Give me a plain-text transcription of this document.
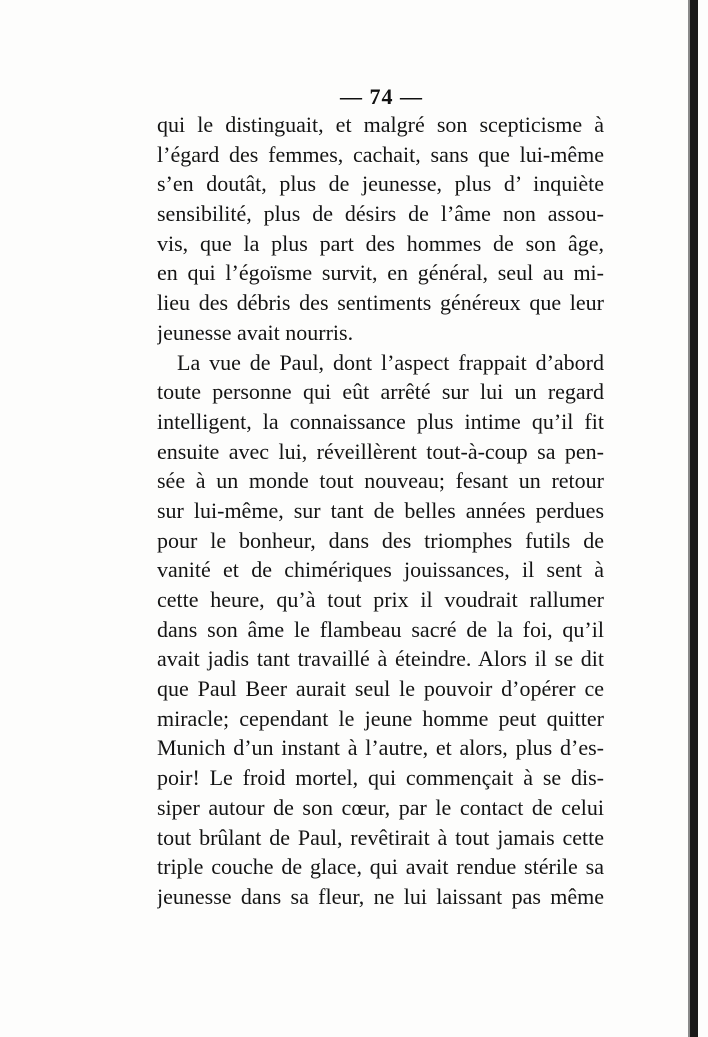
— 74 —
qui le distinguait, et malgré son scepticisme à
l’égard des femmes, cachait, sans que lui-même
s’en doutât, plus de jeunesse, plus d’ inquiète
sensibilité, plus de désirs de l’âme non assou-
vis, que la plus part des hommes de son âge,
en qui l’égoïsme survit, en général, seul au mi-
lieu des débris des sentiments généreux que leur
jeunesse avait nourris.
La vue de Paul, dont l’aspect frappait d’abord
toute personne qui eût arrêté sur lui un regard
intelligent, la connaissance plus intime qu’il fit
ensuite avec lui, réveillèrent tout-à-coup sa pen-
sée à un monde tout nouveau; fesant un retour
sur lui-même, sur tant de belles années perdues
pour le bonheur, dans des triomphes futils de
vanité et de chimériques jouissances, il sent à
cette heure, qu’à tout prix il voudrait rallumer
dans son âme le flambeau sacré de la foi, qu’il
avait jadis tant travaillé à éteindre. Alors il se dit
que Paul Beer aurait seul le pouvoir d’opérer ce
miracle; cependant le jeune homme peut quitter
Munich d’un instant à l’autre, et alors, plus d’es-
poir! Le froid mortel, qui commençait à se dis-
siper autour de son cœur, par le contact de celui
tout brûlant de Paul, revêtirait à tout jamais cette
triple couche de glace, qui avait rendue stérile sa
jeunesse dans sa fleur, ne lui laissant pas même
